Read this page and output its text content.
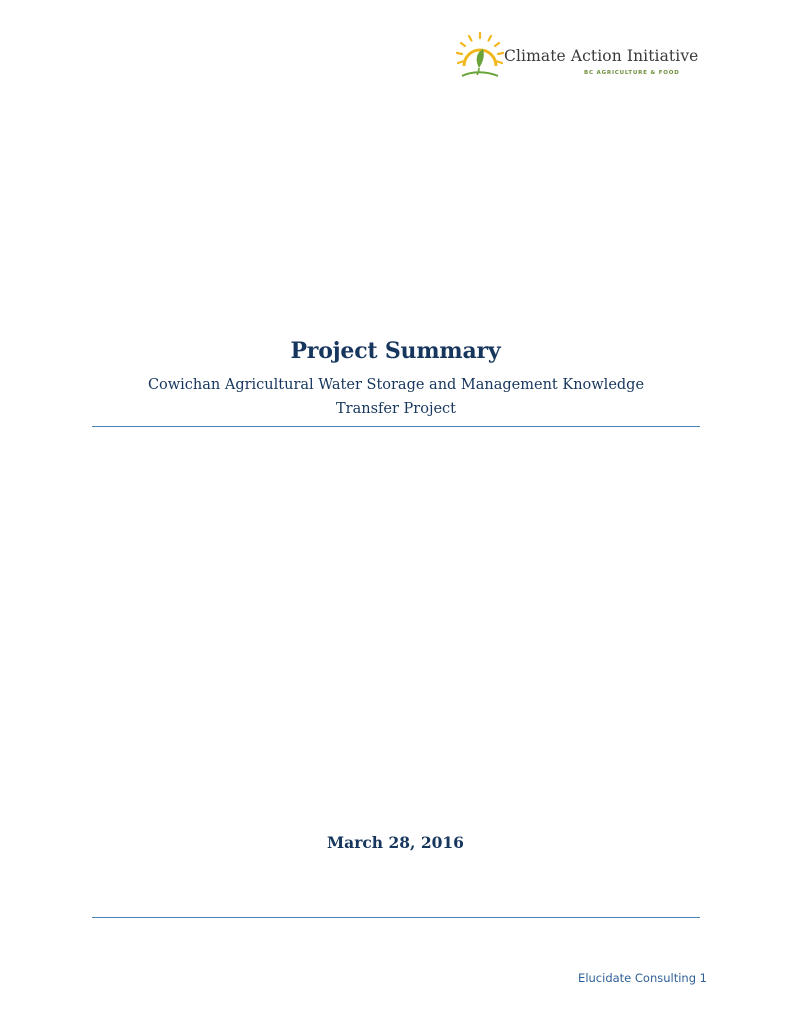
Climate Action Initiative
BC AGRICULTURE & FOOD
Project Summary
Cowichan Agricultural Water Storage and Management Knowledge
Transfer Project
March 28, 2016
Elucidate Consulting 1
